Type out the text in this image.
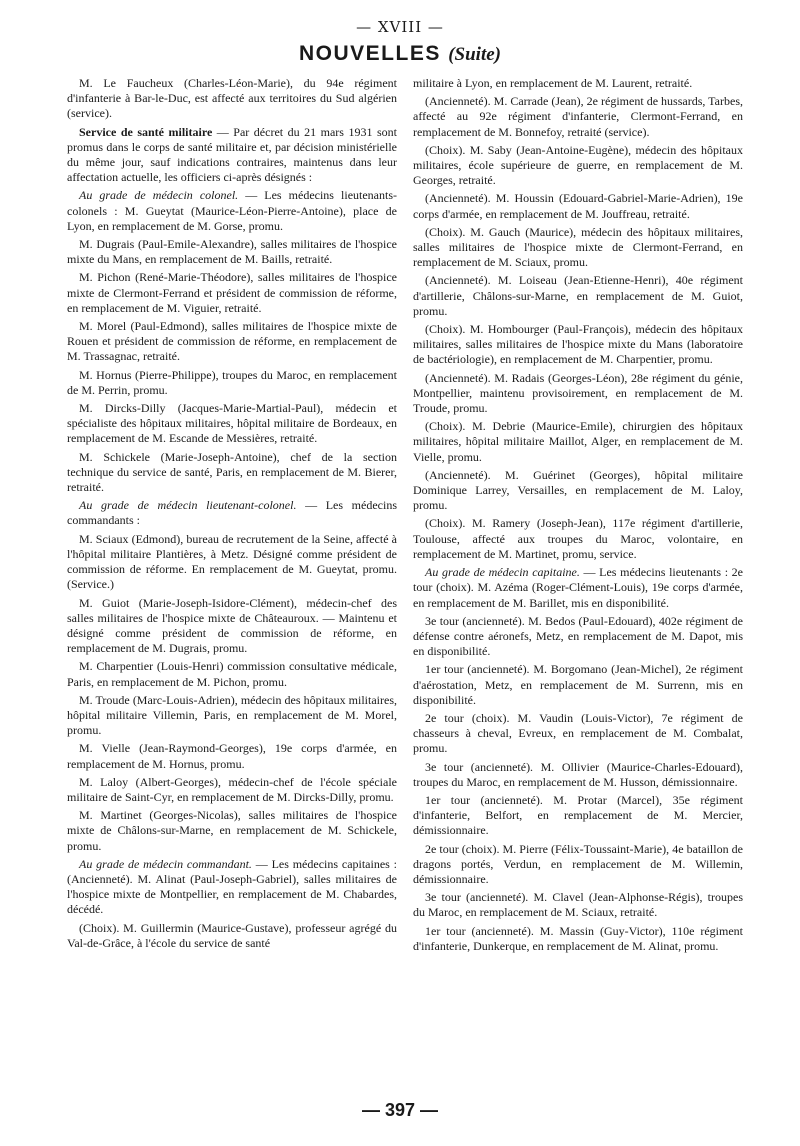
— XVIII —
NOUVELLES (Suite)

M. Le Faucheux (Charles-Léon-Marie), du 94e régiment d'infanterie à Bar-le-Duc, est affecté aux territoires du Sud algérien (service).

Service de santé militaire — Par décret du 21 mars 1931 sont promus dans le corps de santé militaire et, par décision ministérielle du même jour, sauf indications contraires, maintenus dans leur affectation actuelle, les officiers ci-après désignés :

Au grade de médecin colonel. — Les médecins lieutenants-colonels : M. Gueytat (Maurice-Léon-Pierre-Antoine), place de Lyon, en remplacement de M. Gorse, promu.

M. Dugrais (Paul-Emile-Alexandre), salles militaires de l'hospice mixte du Mans, en remplacement de M. Baills, retraité.

M. Pichon (René-Marie-Théodore), salles militaires de l'hospice mixte de Clermont-Ferrand et président de commission de réforme, en remplacement de M. Viguier, retraité.

M. Morel (Paul-Edmond), salles militaires de l'hospice mixte de Rouen et président de commission de réforme, en remplacement de M. Trassagnac, retraité.

M. Hornus (Pierre-Philippe), troupes du Maroc, en remplacement de M. Perrin, promu.

M. Dircks-Dilly (Jacques-Marie-Martial-Paul), médecin et spécialiste des hôpitaux militaires, hôpital militaire de Bordeaux, en remplacement de M. Escande de Messières, retraité.

M. Schickele (Marie-Joseph-Antoine), chef de la section technique du service de santé, Paris, en remplacement de M. Bierer, retraité.

Au grade de médecin lieutenant-colonel. — Les médecins commandants :

M. Sciaux (Edmond), bureau de recrutement de la Seine, affecté à l'hôpital militaire Plantières, à Metz. Désigné comme président de commission de réforme. En remplacement de M. Gueytat, promu. (Service.)

M. Guiot (Marie-Joseph-Isidore-Clément), médecin-chef des salles militaires de l'hospice mixte de Châteauroux. — Maintenu et désigné comme président de commission de réforme, en remplacement de M. Dugrais, promu.

M. Charpentier (Louis-Henri) commission consultative médicale, Paris, en remplacement de M. Pichon, promu.

M. Troude (Marc-Louis-Adrien), médecin des hôpitaux militaires, hôpital militaire Villemin, Paris, en remplacement de M. Morel, promu.

M. Vielle (Jean-Raymond-Georges), 19e corps d'armée, en remplacement de M. Hornus, promu.

M. Laloy (Albert-Georges), médecin-chef de l'école spéciale militaire de Saint-Cyr, en remplacement de M. Dircks-Dilly, promu.

M. Martinet (Georges-Nicolas), salles militaires de l'hospice mixte de Châlons-sur-Marne, en remplacement de M. Schickele, promu.

Au grade de médecin commandant. — Les médecins capitaines : (Ancienneté). M. Alinat (Paul-Joseph-Gabriel), salles militaires de l'hospice mixte de Montpellier, en remplacement de M. Chabardes, décédé.

(Choix). M. Guillermin (Maurice-Gustave), professeur agrégé du Val-de-Grâce, à l'école du service de santé

militaire à Lyon, en remplacement de M. Laurent, retraité.

(Ancienneté). M. Carrade (Jean), 2e régiment de hussards, Tarbes, affecté au 92e régiment d'infanterie, Clermont-Ferrand, en remplacement de M. Bonnefoy, retraité (service).

(Choix). M. Saby (Jean-Antoine-Eugène), médecin des hôpitaux militaires, école supérieure de guerre, en remplacement de M. Georges, retraité.

(Ancienneté). M. Houssin (Edouard-Gabriel-Marie-Adrien), 19e corps d'armée, en remplacement de M. Jouffreau, retraité.

(Choix). M. Gauch (Maurice), médecin des hôpitaux militaires, salles militaires de l'hospice mixte de Clermont-Ferrand, en remplacement de M. Sciaux, promu.

(Ancienneté). M. Loiseau (Jean-Etienne-Henri), 40e régiment d'artillerie, Châlons-sur-Marne, en remplacement de M. Guiot, promu.

(Choix). M. Hombourger (Paul-François), médecin des hôpitaux militaires, salles militaires de l'hospice mixte du Mans (laboratoire de bactériologie), en remplacement de M. Charpentier, promu.

(Ancienneté). M. Radais (Georges-Léon), 28e régiment du génie, Montpellier, maintenu provisoirement, en remplacement de M. Troude, promu.

(Choix). M. Debrie (Maurice-Emile), chirurgien des hôpitaux militaires, hôpital militaire Maillot, Alger, en remplacement de M. Vielle, promu.

(Ancienneté). M. Guérinet (Georges), hôpital militaire Dominique Larrey, Versailles, en remplacement de M. Laloy, promu.

(Choix). M. Ramery (Joseph-Jean), 117e régiment d'artillerie, Toulouse, affecté aux troupes du Maroc, volontaire, en remplacement de M. Martinet, promu, service.

Au grade de médecin capitaine. — Les médecins lieutenants : 2e tour (choix). M. Azéma (Roger-Clément-Louis), 19e corps d'armée, en remplacement de M. Barillet, mis en disponibilité.

3e tour (ancienneté). M. Bedos (Paul-Edouard), 402e régiment de défense contre aéronefs, Metz, en remplacement de M. Dapot, mis en disponibilité.

1er tour (ancienneté). M. Borgomano (Jean-Michel), 2e régiment d'aérostation, Metz, en remplacement de M. Surrenn, mis en disponibilité.

2e tour (choix). M. Vaudin (Louis-Victor), 7e régiment de chasseurs à cheval, Evreux, en remplacement de M. Combalat, promu.

3e tour (ancienneté). M. Ollivier (Maurice-Charles-Edouard), troupes du Maroc, en remplacement de M. Husson, démissionnaire.

1er tour (ancienneté). M. Protar (Marcel), 35e régiment d'infanterie, Belfort, en remplacement de M. Mercier, démissionnaire.

2e tour (choix). M. Pierre (Félix-Toussaint-Marie), 4e bataillon de dragons portés, Verdun, en remplacement de M. Willemin, démissionnaire.

3e tour (ancienneté). M. Clavel (Jean-Alphonse-Régis), troupes du Maroc, en remplacement de M. Sciaux, retraité.

1er tour (ancienneté). M. Massin (Guy-Victor), 110e régiment d'infanterie, Dunkerque, en remplacement de M. Alinat, promu.

— 397 —
